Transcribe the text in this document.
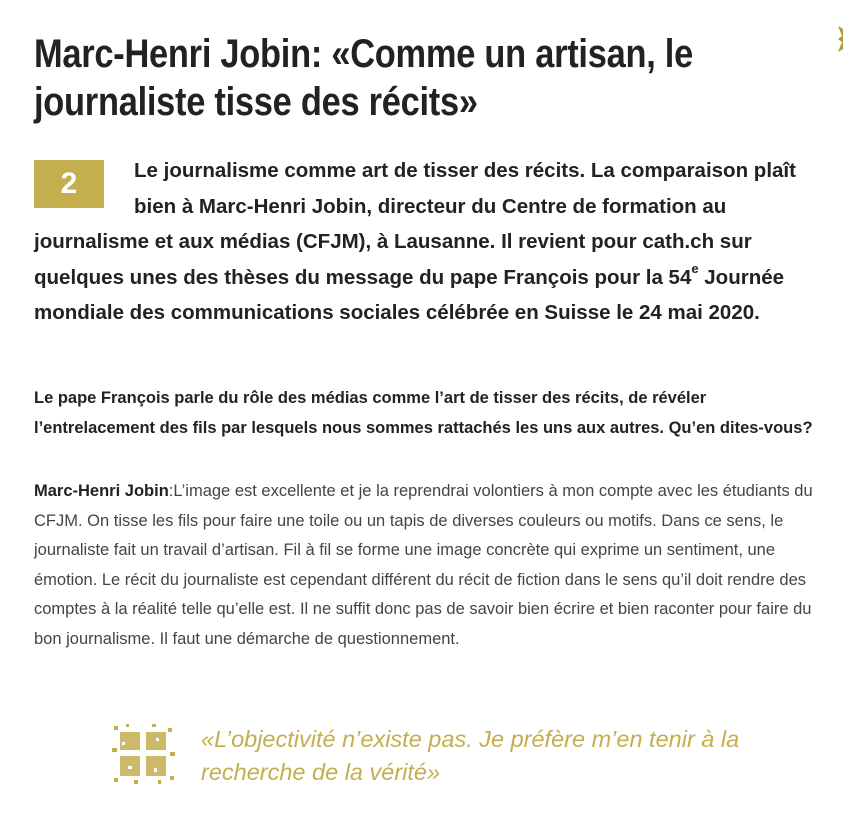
Marc-Henri Jobin: «Comme un artisan, le journaliste tisse des récits»
2	Le journalisme comme art de tisser des récits. La comparaison plaît bien à Marc-Henri Jobin, directeur du Centre de formation au journalisme et aux médias (CFJM), à Lausanne. Il revient pour cath.ch sur quelques unes des thèses du message du pape François pour la 54e Journée mondiale des communications sociales célébrée en Suisse le 24 mai 2020.

Le pape François parle du rôle des médias comme l’art de tisser des récits, de révéler l’entrelacement des fils par lesquels nous sommes rattachés les uns aux autres. Qu’en dites-vous?

Marc-Henri Jobin:L’image est excellente et je la reprendrai volontiers à mon compte avec les étudiants du CFJM. On tisse les fils pour faire une toile ou un tapis de diverses couleurs ou motifs. Dans ce sens, le journaliste fait un travail d’artisan. Fil à fil se forme une image concrète qui exprime un sentiment, une émotion. Le récit du journaliste est cependant différent du récit de fiction dans le sens qu’il doit rendre des comptes à la réalité telle qu’elle est. Il ne suffit donc pas de savoir bien écrire et bien raconter pour faire du bon journalisme. Il faut une démarche de questionnement.

«L’objectivité n’existe pas. Je préfère m’en tenir à la recherche de la vérité»
